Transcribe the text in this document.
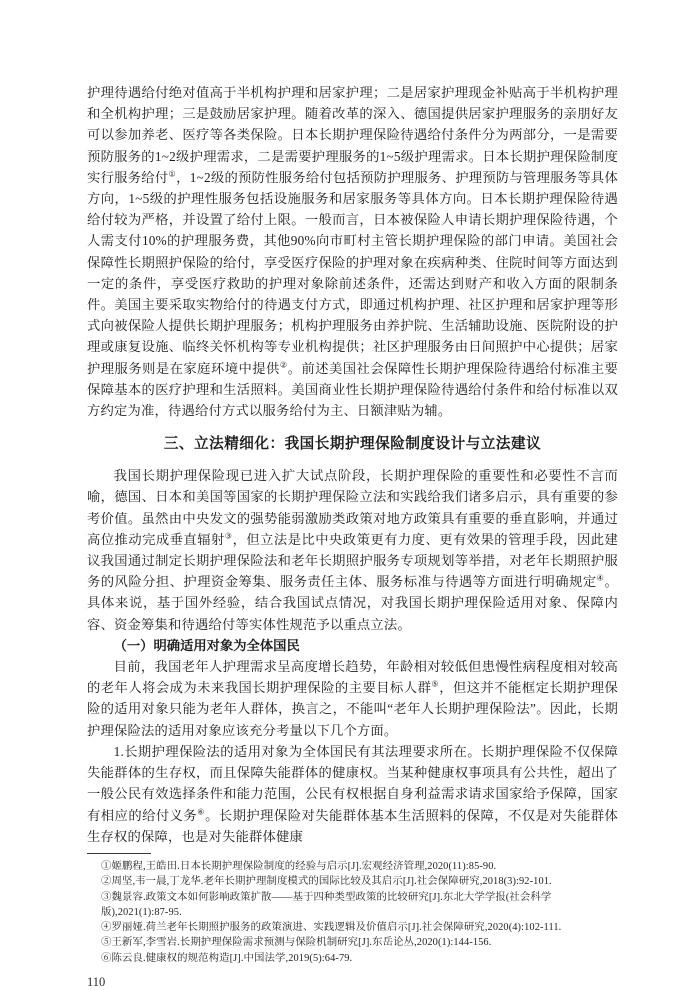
护理待遇给付绝对值高于半机构护理和居家护理；二是居家护理现金补贴高于半机构护理和全机构护理；三是鼓励居家护理。随着改革的深入、德国提供居家护理服务的亲朋好友可以参加养老、医疗等各类保险。日本长期护理保险待遇给付条件分为两部分，一是需要预防服务的1~2级护理需求，二是需要护理服务的1~5级护理需求。日本长期护理保险制度实行服务给付①，1~2级的预防性服务给付包括预防护理服务、护理预防与管理服务等具体方向，1~5级的护理性服务包括设施服务和居家服务等具体方向。日本长期护理保险待遇给付较为严格，并设置了给付上限。一般而言，日本被保险人申请长期护理保险待遇，个人需支付10%的护理服务费，其他90%向市町村主管长期护理保险的部门申请。美国社会保障性长期照护保险的给付，享受医疗保险的护理对象在疾病种类、住院时间等方面达到一定的条件，享受医疗救助的护理对象除前述条件，还需达到财产和收入方面的限制条件。美国主要采取实物给付的待遇支付方式，即通过机构护理、社区护理和居家护理等形式向被保险人提供长期护理服务；机构护理服务由养护院、生活辅助设施、医院附设的护理或康复设施、临终关怀机构等专业机构提供；社区护理服务由日间照护中心提供；居家护理服务则是在家庭环境中提供②。前述美国社会保障性长期护理保险待遇给付标准主要保障基本的医疗护理和生活照料。美国商业性长期护理保险待遇给付条件和给付标准以双方约定为准，待遇给付方式以服务给付为主、日额津贴为辅。

三、立法精细化：我国长期护理保险制度设计与立法建议

我国长期护理保险现已进入扩大试点阶段，长期护理保险的重要性和必要性不言而喻，德国、日本和美国等国家的长期护理保险立法和实践给我们诸多启示，具有重要的参考价值。虽然由中央发文的强势能弱激励类政策对地方政策具有重要的垂直影响，并通过高位推动完成垂直辐射③，但立法是比中央政策更有力度、更有效果的管理手段，因此建议我国通过制定长期护理保险法和老年长期照护服务专项规划等举措，对老年长期照护服务的风险分担、护理资金筹集、服务责任主体、服务标准与待遇等方面进行明确规定④。具体来说，基于国外经验，结合我国试点情况，对我国长期护理保险适用对象、保障内容、资金筹集和待遇给付等实体性规范予以重点立法。

（一）明确适用对象为全体国民

目前，我国老年人护理需求呈高度增长趋势，年龄相对较低但患慢性病程度相对较高的老年人将会成为未来我国长期护理保险的主要目标人群⑤，但这并不能框定长期护理保险的适用对象只能为老年人群体，换言之，不能叫“老年人长期护理保险法”。因此，长期护理保险法的适用对象应该充分考量以下几个方面。

1.长期护理保险法的适用对象为全体国民有其法理要求所在。长期护理保险不仅保障失能群体的生存权，而且保障失能群体的健康权。当某种健康权事项具有公共性，超出了一般公民有效选择条件和能力范围，公民有权根据自身利益需求请求国家给予保障，国家有相应的给付义务⑥。长期护理保险对失能群体基本生活照料的保障，不仅是对失能群体生存权的保障，也是对失能群体健康

①姬鹏程,王皓田.日本长期护理保险制度的经验与启示[J].宏观经济管理,2020(11):85-90.

②周坚,韦一晨,丁龙华.老年长期护理制度模式的国际比较及其启示[J].社会保障研究,2018(3):92-101.

③魏景容.政策文本如何影响政策扩散——基于四种类型政策的比较研究[J].东北大学学报(社会科学版),2021(1):87-95.

④罗丽娅.荷兰老年长期照护服务的政策演进、实践逻辑及价值启示[J].社会保障研究,2020(4):102-111.

⑤王新军,李雪岩.长期护理保险需求预测与保险机制研究[J].东岳论丛,2020(1):144-156.

⑥陈云良.健康权的规范构造[J].中国法学,2019(5):64-79.

110
